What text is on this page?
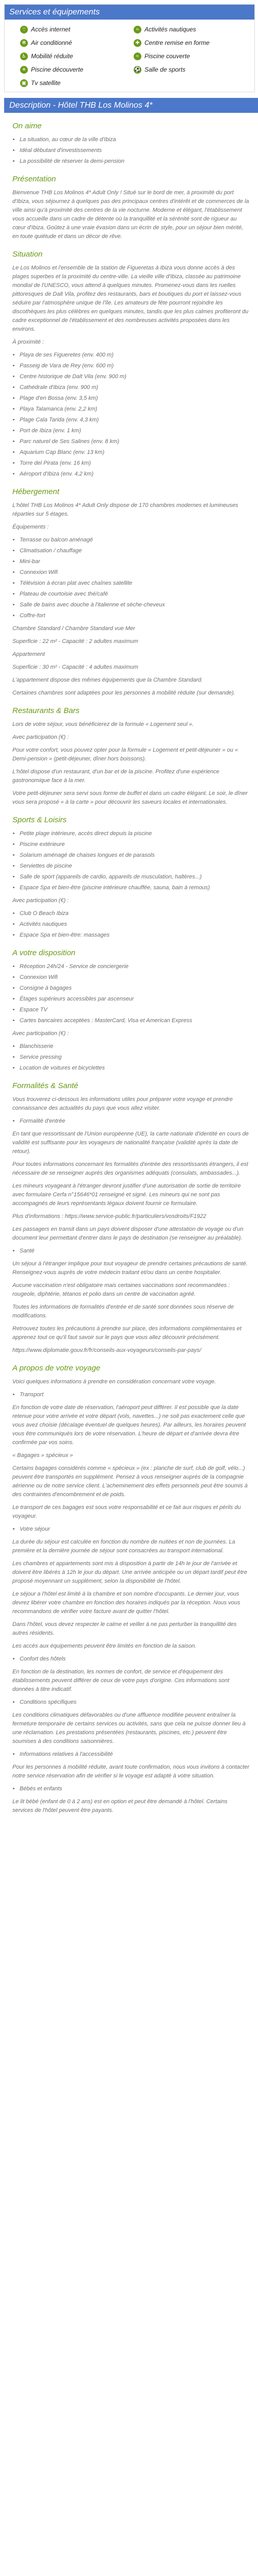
Services et équipements
⌔ Accès internet	≈ Activités nautiques
✻ Air conditionné	✚ Centre remise en forme
♿ Mobilité réduite	≈ Piscine couverte
☀ Piscine découverte	⚽ Salle de sports
▣ Tv satellite
Description - Hôtel THB Los Molinos 4*
On aime
• La situation, au cœur de la ville d'Ibiza
• Idéal débutant d'investissements
• La possibilité de réserver la demi-pension
Présentation

Bienvenue THB Los Molinos 4* Adult Only ! Situé sur le bord de mer, à proximité du port d'Ibiza, vous séjournez à quelques pas des principaux centres d'intérêt et de commerces de la ville ainsi qu'à proximité des centres de la vie nocturne. Moderne et élégant, l'établissement vous accueille dans un cadre de détente où la tranquillité et la sérénité sont de rigueur au cœur d'Ibiza. Goûtez à une vraie évasion dans un écrin de style, pour un séjour bien mérité, en toute quiétude et dans un décor de rêve.

Situation

Le Los Molinos et l'ensemble de la station de Figueretas à Ibiza vous donne accès à des plages superbes et la proximité du centre-ville. La vieille ville d'Ibiza, classée au patrimoine mondial de l'UNESCO, vous attend à quelques minutes. Promenez-vous dans les ruelles pittoresques de Dalt Vila, profitez des restaurants, bars et boutiques du port et laissez-vous séduire par l'atmosphère unique de l'île. Les amateurs de fête pourront rejoindre les discothèques les plus célèbres en quelques minutes, tandis que les plus calmes profiteront du cadre exceptionnel de l'établissement et des nombreuses activités proposées dans les environs.

À proximité :

• Playa de ses Figueretes (env. 400 m)
• Passeig de Vara de Rey (env. 600 m)
• Centre historique de Dalt Vila (env. 900 m)
• Cathédrale d'Ibiza (env. 900 m)
• Plage d'en Bossa (env. 3,5 km)
• Playa Talamanca (env. 2,2 km)
• Plage Cala Tarida (env. 4,3 km)
• Port de Ibiza (env. 1 km)
• Parc naturel de Ses Salines (env. 8 km)
• Aquarium Cap Blanc (env. 13 km)
• Torre del Pirata (env. 16 km)
• Aéroport d'Ibiza (env. 4,2 km)
Hébergement

L'hôtel THB Los Molinos 4* Adult Only dispose de 170 chambres modernes et lumineuses réparties sur 5 étages.

Équipements :

• Terrasse ou balcon aménagé
• Climatisation / chauffage
• Mini-bar
• Connexion Wifi
• Télévision à écran plat avec chaînes satellite
• Plateau de courtoisie avec thé/café
• Salle de bains avec douche à l'italienne et sèche-cheveux
• Coffre-fort

Chambre Standard / Chambre Standard vue Mer

Superficie : 22 m² - Capacité : 2 adultes maximum

Appartement

Superficie : 30 m² - Capacité : 4 adultes maximum

L'appartement dispose des mêmes équipements que la Chambre Standard.

Certaines chambres sont adaptées pour les personnes à mobilité réduite (sur demande).

Restaurants & Bars

Lors de votre séjour, vous bénéficierez de la formule « Logement seul ».

Avec participation (€) :

Pour votre confort, vous pouvez opter pour la formule « Logement et petit-déjeuner » ou « Demi-pension » (petit-déjeuner, dîner hors boissons).

L'hôtel dispose d'un restaurant, d'un bar et de la piscine. Profitez d'une expérience gastronomique face à la mer.

Votre petit-déjeuner sera servi sous forme de buffet et dans un cadre élégant. Le soir, le dîner vous sera proposé « à la carte » pour découvrir les saveurs locales et internationales.

Sports & Loisirs
• Petite plage intérieure, accès direct depuis la piscine
• Piscine extérieure
• Solarium aménagé de chaises longues et de parasols
• Serviettes de piscine
• Salle de sport (appareils de cardio, appareils de musculation, haltères...)
• Espace Spa et bien-être (piscine intérieure chauffée, sauna, bain à remous)

Avec participation (€) :

• Club O Beach Ibiza
• Activités nautiques
• Espace Spa et bien-être: massages
A votre disposition
• Réception 24h/24 - Service de conciergerie
• Connexion Wifi
• Consigne à bagages
• Étages supérieurs accessibles par ascenseur
• Espace TV
• Cartes bancaires acceptées : MasterCard, Visa et American Express

Avec participation (€) :

• Blanchisserie
• Service pressing
• Location de voitures et bicyclettes
Formalités & Santé

Vous trouverez ci-dessous les informations utiles pour préparer votre voyage et prendre connaissance des actualités du pays que vous allez visiter.

• Formalité d'entrée

En tant que ressortissant de l'Union européenne (UE), la carte nationale d'identité en cours de validité est suffisante pour les voyageurs de nationalité française (validité après la date de retour).

Pour toutes informations concernant les formalités d'entrée des ressortissants étrangers, il est nécessaire de se renseigner auprès des organismes adéquats (consulats, ambassades...).

Les mineurs voyageant à l'étranger devront justifier d'une autorisation de sortie de territoire avec formulaire Cerfa n°15646*01 renseigné et signé. Les mineurs qui ne sont pas accompagnés de leurs représentants légaux doivent fournir ce formulaire.

Plus d'informations : https://www.service-public.fr/particuliers/vosdroits/F1922

Les passagers en transit dans un pays doivent disposer d'une attestation de voyage ou d'un document leur permettant d'entrer dans le pays de destination (se renseigner au préalable).

• Santé

Un séjour à l'étranger implique pour tout voyageur de prendre certaines précautions de santé. Renseignez-vous auprès de votre médecin traitant et/ou dans un centre hospitalier.

Aucune vaccination n'est obligatoire mais certaines vaccinations sont recommandées : rougeole, diphtérie, tétanos et polio dans un centre de vaccination agréé.

Toutes les informations de formalités d'entrée et de santé sont données sous réserve de modifications.

Retrouvez toutes les précautions à prendre sur place, des informations complémentaires et apprenez tout ce qu'il faut savoir sur le pays que vous allez découvrir précisément.

https://www.diplomatie.gouv.fr/fr/conseils-aux-voyageurs/conseils-par-pays/

A propos de votre voyage

Voici quelques informations à prendre en considération concernant votre voyage.

• Transport

En fonction de votre date de réservation, l'aéroport peut différer. Il est possible que la date retenue pour votre arrivée et votre départ (vols, navettes...) ne soit pas exactement celle que vous avez choisie (décalage éventuel de quelques heures). Par ailleurs, les horaires peuvent vous être communiqués lors de votre réservation. L'heure de départ et d'arrivée devra être confirmée par vos soins.

« Bagages » spécieux »

Certains bagages considérés comme « spécieux » (ex : planche de surf, club de golf, vélo...) peuvent être transportés en supplément. Pensez à vous renseigner auprès de la compagnie aérienne ou de notre service client. L'acheminement des effets personnels peut être soumis à des contraintes d'encombrement et de poids.

Le transport de ces bagages est sous votre responsabilité et ce fait aux risques et périls du voyageur.

• Votre séjour

La durée du séjour est calculée en fonction du nombre de nuitées et non de journées. La première et la dernière journée de séjour sont consacrées au transport international.

Les chambres et appartements sont mis à disposition à partir de 14h le jour de l'arrivée et doivent être libérés à 12h le jour du départ. Une arrivée anticipée ou un départ tardif peut être proposé moyennant un supplément, selon la disponibilité de l'hôtel.

Le séjour a l'hôtel est limité à la chambre et son nombre d'occupants. Le dernier jour, vous devrez libérer votre chambre en fonction des horaires indiqués par la réception. Nous vous recommandons de vérifier votre facture avant de quitter l'hôtel.

Dans l'hôtel, vous devez respecter le calme et veiller à ne pas perturber la tranquillité des autres résidents.

Les accès aux équipements peuvent être limités en fonction de la saison.

• Confort des hôtels

En fonction de la destination, les normes de confort, de service et d'équipement des établissements peuvent différer de ceux de votre pays d'origine. Ces informations sont données à titre indicatif.

• Conditions spécifiques

Les conditions climatiques défavorables ou d'une affluence modifiée peuvent entraîner la fermeture temporaire de certains services ou activités, sans que cela ne puisse donner lieu à une réclamation. Les prestations présentées (restaurants, piscines, etc.) peuvent être soumises à des conditions saisonnières.

• Informations relatives à l'accessibilité

Pour les personnes à mobilité réduite, avant toute confirmation, nous vous invitons à contacter notre service réservation afin de vérifier si le voyage est adapté à votre situation.

• Bébés et enfants

Le lit bébé (enfant de 0 à 2 ans) est en option et peut être demandé à l'hôtel. Certains services de l'hôtel peuvent être payants.
